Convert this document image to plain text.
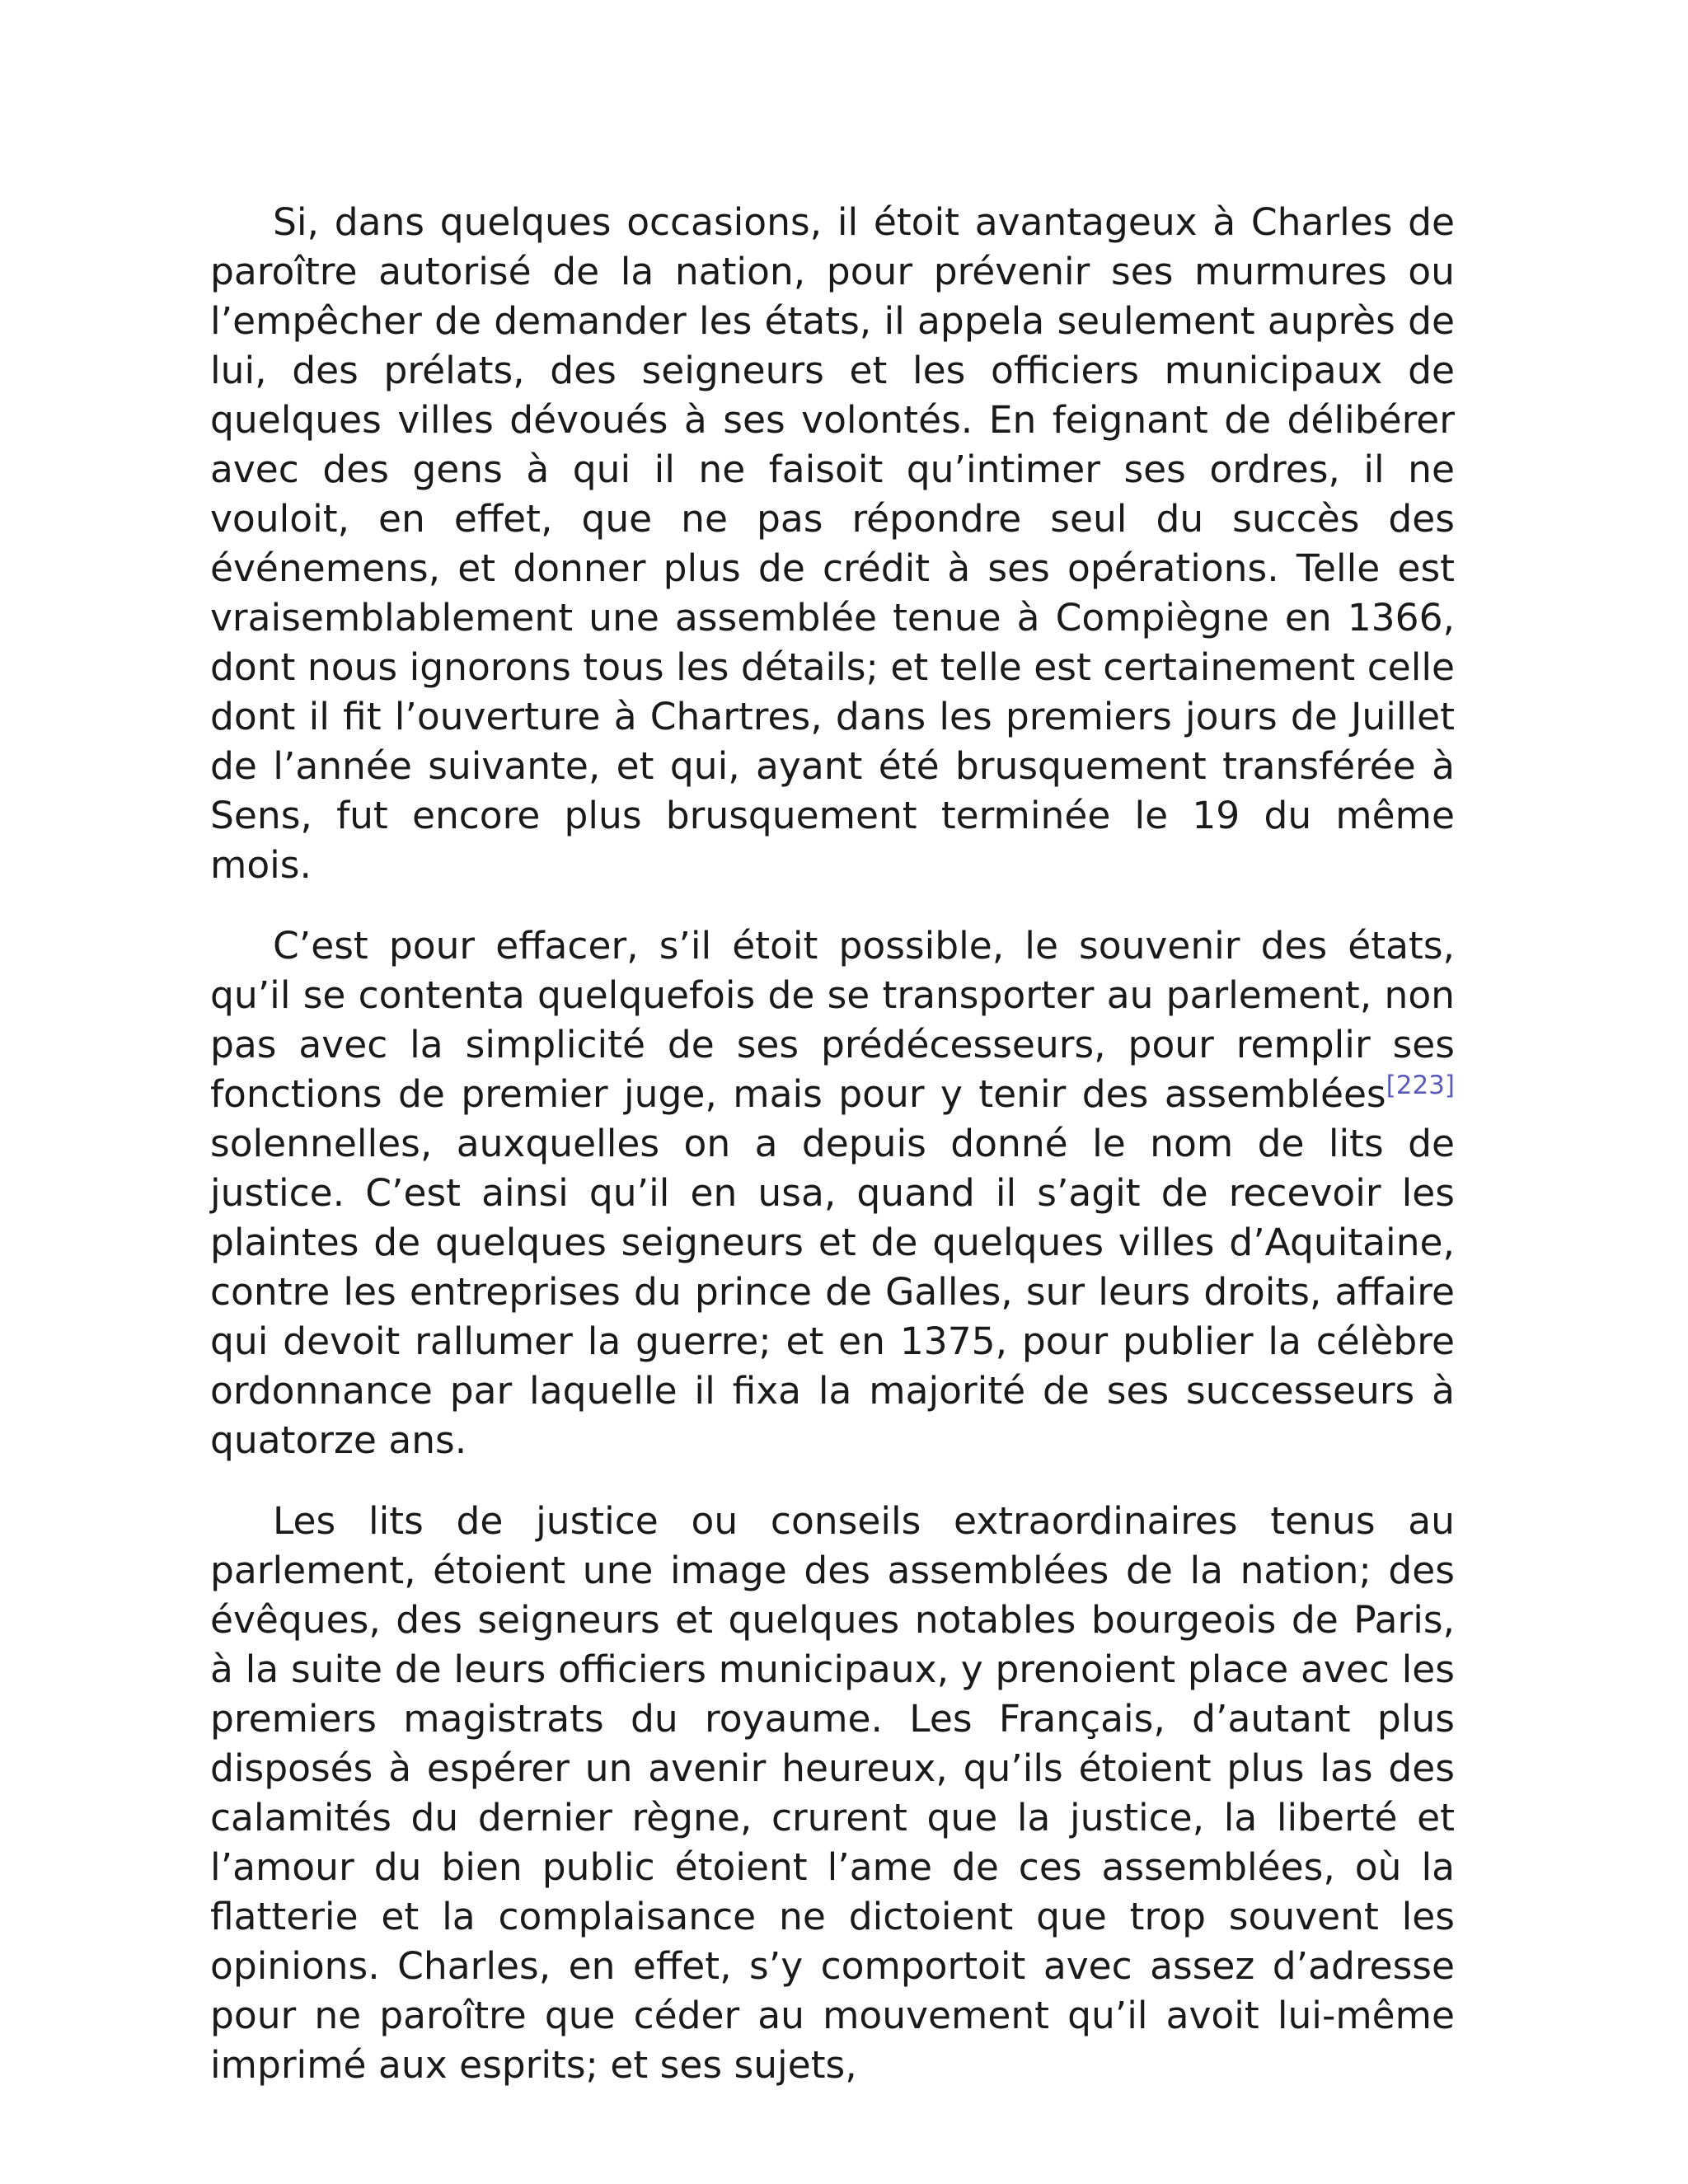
Si, dans quelques occasions, il étoit avantageux à Charles de paroître autorisé de la nation, pour prévenir ses murmures ou l’empêcher de demander les états, il appela seulement auprès de lui, des prélats, des seigneurs et les officiers municipaux de quelques villes dévoués à ses volontés. En feignant de délibérer avec des gens à qui il ne faisoit qu’intimer ses ordres, il ne vouloit, en effet, que ne pas répondre seul du succès des événemens, et donner plus de crédit à ses opérations. Telle est vraisemblablement une assemblée tenue à Compiègne en 1366, dont nous ignorons tous les détails; et telle est certainement celle dont il fit l’ouverture à Chartres, dans les premiers jours de Juillet de l’année suivante, et qui, ayant été brusquement transférée à Sens, fut encore plus brusquement terminée le 19 du même mois.

C’est pour effacer, s’il étoit possible, le souvenir des états, qu’il se contenta quelquefois de se transporter au parlement, non pas avec la simplicité de ses prédécesseurs, pour remplir ses fonctions de premier juge, mais pour y tenir des assemblées[223] solennelles, auxquelles on a depuis donné le nom de lits de justice. C’est ainsi qu’il en usa, quand il s’agit de recevoir les plaintes de quelques seigneurs et de quelques villes d’Aquitaine, contre les entreprises du prince de Galles, sur leurs droits, affaire qui devoit rallumer la guerre; et en 1375, pour publier la célèbre ordonnance par laquelle il fixa la majorité de ses successeurs à quatorze ans.

Les lits de justice ou conseils extraordinaires tenus au parlement, étoient une image des assemblées de la nation; des évêques, des seigneurs et quelques notables bourgeois de Paris, à la suite de leurs officiers municipaux, y prenoient place avec les premiers magistrats du royaume. Les Français, d’autant plus disposés à espérer un avenir heureux, qu’ils étoient plus las des calamités du dernier règne, crurent que la justice, la liberté et l’amour du bien public étoient l’ame de ces assemblées, où la flatterie et la complaisance ne dictoient que trop souvent les opinions. Charles, en effet, s’y comportoit avec assez d’adresse pour ne paroître que céder au mouvement qu’il avoit lui-même imprimé aux esprits; et ses sujets,
